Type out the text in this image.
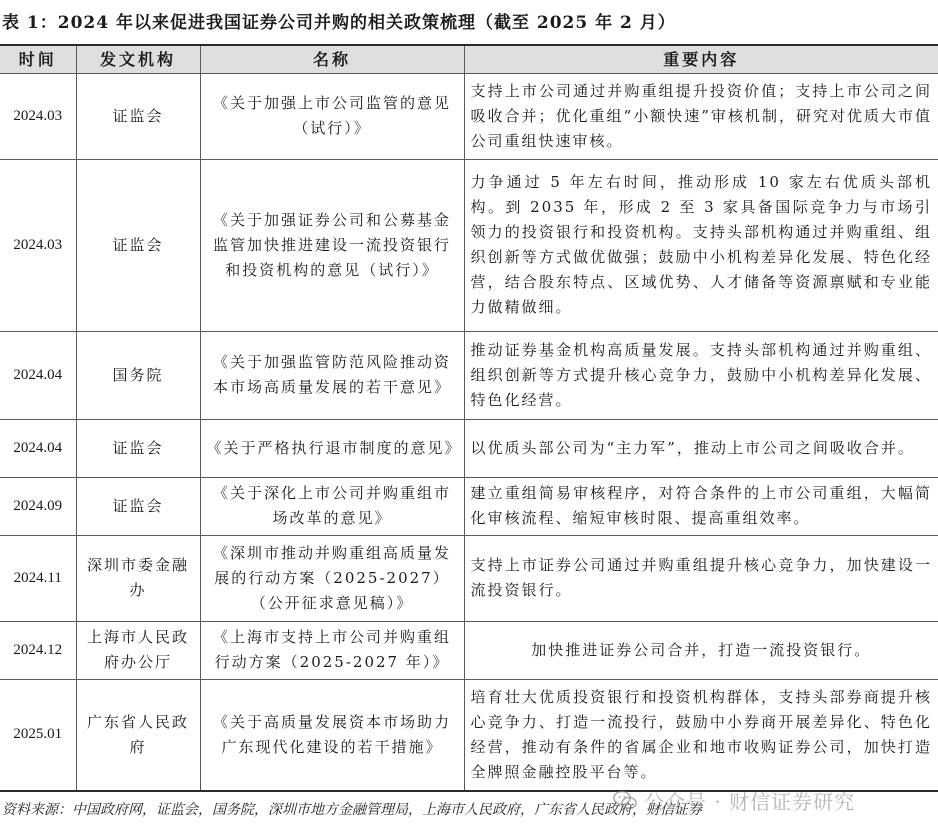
表 1：2024 年以来促进我国证券公司并购的相关政策梳理（截至 2025 年 2 月）
时间	发文机构	名称	重要内容
2024.03	证监会	《关于加强上市公司监管的意见（试行）》	支持上市公司通过并购重组提升投资价值；支持上市公司之间吸收合并；优化重组“小额快速”审核机制，研究对优质大市值公司重组快速审核。
2024.03	证监会	《关于加强证券公司和公募基金监管加快推进建设一流投资银行和投资机构的意见（试行）》	力争通过 5 年左右时间，推动形成 10 家左右优质头部机构。到 2035 年，形成 2 至 3 家具备国际竞争力与市场引领力的投资银行和投资机构。支持头部机构通过并购重组、组织创新等方式做优做强；鼓励中小机构差异化发展、特色化经营，结合股东特点、区域优势、人才储备等资源禀赋和专业能力做精做细。
2024.04	国务院	《关于加强监管防范风险推动资本市场高质量发展的若干意见》	推动证券基金机构高质量发展。支持头部机构通过并购重组、组织创新等方式提升核心竞争力，鼓励中小机构差异化发展、特色化经营。
2024.04	证监会	《关于严格执行退市制度的意见》	以优质头部公司为“主力军”，推动上市公司之间吸收合并。
2024.09	证监会	《关于深化上市公司并购重组市场改革的意见》	建立重组简易审核程序，对符合条件的上市公司重组，大幅简化审核流程、缩短审核时限、提高重组效率。
2024.11	深圳市委金融办	《深圳市推动并购重组高质量发展的行动方案（2025-2027）（公开征求意见稿）》	支持上市证券公司通过并购重组提升核心竞争力，加快建设一流投资银行。
2024.12	上海市人民政府办公厅	《上海市支持上市公司并购重组行动方案（2025-2027 年）》	加快推进证券公司合并，打造一流投资银行。
2025.01	广东省人民政府	《关于高质量发展资本市场助力广东现代化建设的若干措施》	培育壮大优质投资银行和投资机构群体，支持头部券商提升核心竞争力、打造一流投行，鼓励中小券商开展差异化、特色化经营，推动有条件的省属企业和地市收购证券公司，加快打造全牌照金融控股平台等。
资料来源：中国政府网，证监会，国务院，深圳市地方金融管理局，上海市人民政府，广东省人民政府，财信证券
公众号 · 财信证券研究
